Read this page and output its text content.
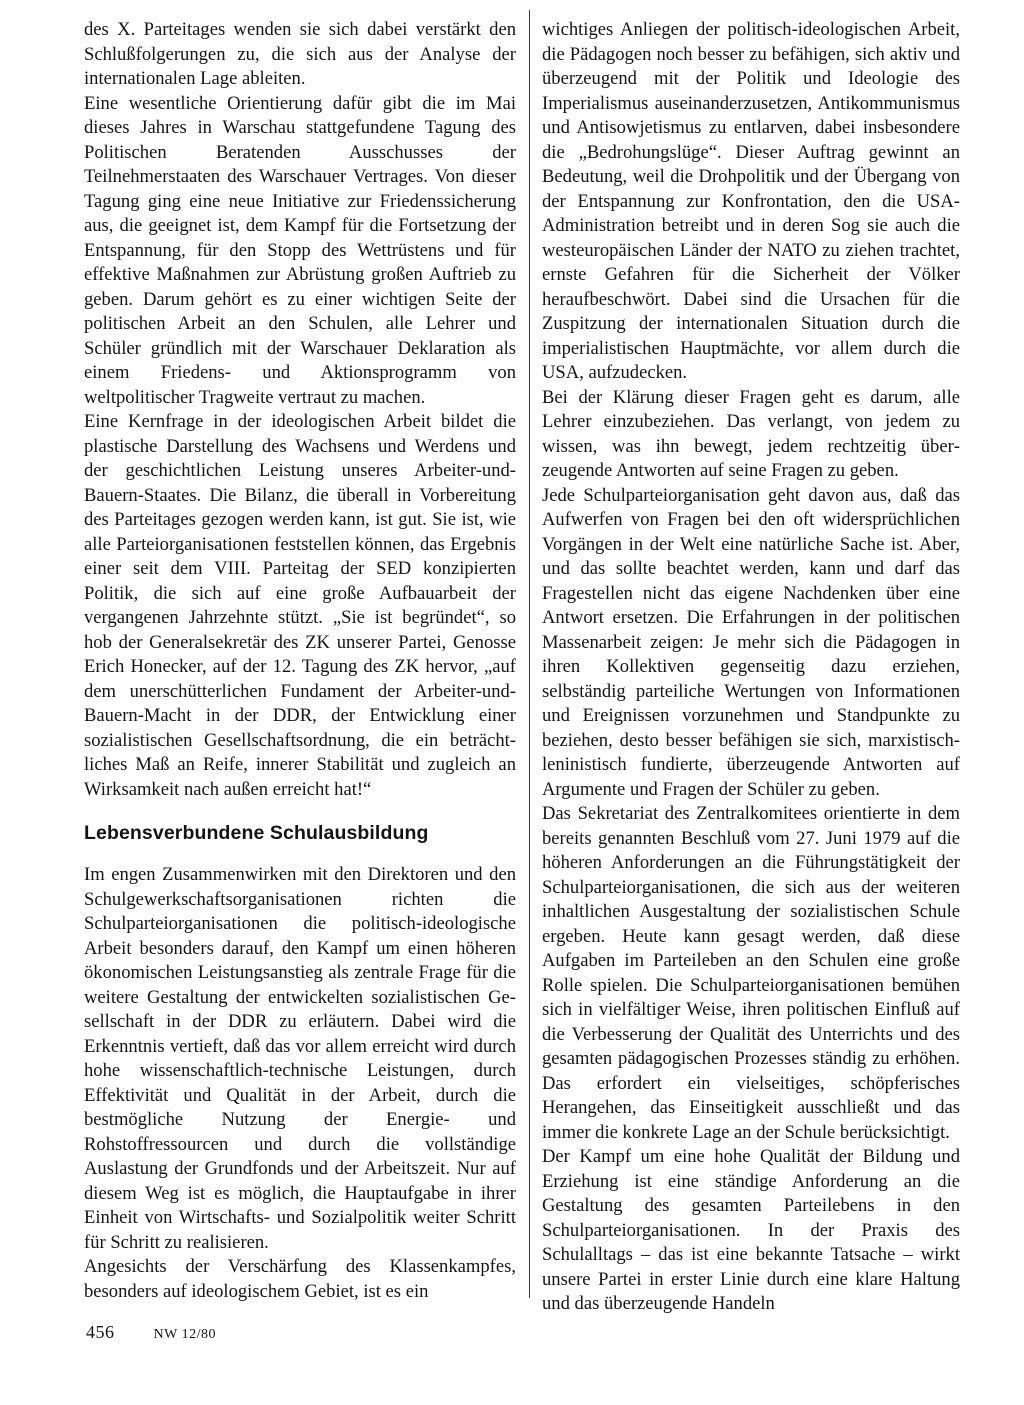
des X. Parteitages wenden sie sich dabei verstärkt den Schlußfolgerungen zu, die sich aus der Analyse der internationalen Lage ableiten.

Eine wesentliche Orientierung dafür gibt die im Mai dieses Jahres in Warschau stattgefundene Tagung des Politischen Beratenden Ausschusses der Teilnehmerstaaten des Warschauer Vertrages. Von dieser Tagung ging eine neue Initiative zur Friedenssicherung aus, die geeignet ist, dem Kampf für die Fortsetzung der Entspannung, für den Stopp des Wettrüstens und für effektive Maßnahmen zur Abrüstung großen Auftrieb zu geben. Darum gehört es zu einer wichtigen Seite der politischen Arbeit an den Schulen, alle Lehrer und Schüler gründlich mit der Warschauer Deklaration als einem Friedens- und Aktionsprogramm von weltpolitischer Tragweite vertraut zu machen.

Eine Kernfrage in der ideologischen Arbeit bildet die plastische Darstellung des Wachsens und Werdens und der geschichtlichen Leistung unseres Arbeiter-und-Bauern-Staates. Die Bilanz, die überall in Vorbereitung des Parteitages gezogen werden kann, ist gut. Sie ist, wie alle Parteiorganisationen feststellen können, das Ergebnis einer seit dem VIII. Parteitag der SED konzipierten Politik, die sich auf eine große Aufbauarbeit der vergangenen Jahrzehnte stützt. „Sie ist begründet“, so hob der Generalsekretär des ZK unserer Partei, Genosse Erich Honecker, auf der 12. Tagung des ZK hervor, „auf dem unerschütterlichen Fundament der Arbeiter-und-Bauern-Macht in der DDR, der Entwicklung einer sozialistischen Gesellschaftsordnung, die ein beträchtliches Maß an Reife, innerer Stabilität und zugleich an Wirksamkeit nach außen erreicht hat!“

Lebensverbundene Schulausbildung

Im engen Zusammenwirken mit den Direktoren und den Schulgewerkschaftsorganisationen richten die Schulparteiorganisationen die politisch-ideologische Arbeit besonders darauf, den Kampf um einen höheren ökonomischen Leistungsanstieg als zentrale Frage für die weitere Gestaltung der entwickelten sozialistischen Gesellschaft in der DDR zu erläutern. Dabei wird die Erkenntnis vertieft, daß das vor allem erreicht wird durch hohe wissenschaftlich-technische Leistungen, durch Effektivität und Qualität in der Arbeit, durch die bestmögliche Nutzung der Energie- und Rohstoffressourcen und durch die vollständige Auslastung der Grundfonds und der Arbeitszeit. Nur auf diesem Weg ist es möglich, die Hauptaufgabe in ihrer Einheit von Wirtschafts- und Sozialpolitik weiter Schritt für Schritt zu realisieren.

Angesichts der Verschärfung des Klassenkampfes, besonders auf ideologischem Gebiet, ist es ein

wichtiges Anliegen der politisch-ideologischen Arbeit, die Pädagogen noch besser zu befähigen, sich aktiv und überzeugend mit der Politik und Ideologie des Imperialismus auseinanderzusetzen, Antikommunismus und Antisowjetismus zu entlarven, dabei insbesondere die „Bedrohungslüge“. Dieser Auftrag gewinnt an Bedeutung, weil die Drohpolitik und der Übergang von der Entspannung zur Konfrontation, den die USA-Administration betreibt und in deren Sog sie auch die westeuropäischen Länder der NATO zu ziehen trachtet, ernste Gefahren für die Sicherheit der Völker heraufbeschwört. Dabei sind die Ursachen für die Zuspitzung der internationalen Situation durch die imperialistischen Hauptmächte, vor allem durch die USA, aufzudecken.

Bei der Klärung dieser Fragen geht es darum, alle Lehrer einzubeziehen. Das verlangt, von jedem zu wissen, was ihn bewegt, jedem rechtzeitig überzeugende Antworten auf seine Fragen zu geben.

Jede Schulparteiorganisation geht davon aus, daß das Aufwerfen von Fragen bei den oft widersprüchlichen Vorgängen in der Welt eine natürliche Sache ist. Aber, und das sollte beachtet werden, kann und darf das Fragestellen nicht das eigene Nachdenken über eine Antwort ersetzen. Die Erfahrungen in der politischen Massenarbeit zeigen: Je mehr sich die Pädagogen in ihren Kollektiven gegenseitig dazu erziehen, selbständig parteiliche Wertungen von Informationen und Ereignissen vorzunehmen und Standpunkte zu beziehen, desto besser befähigen sie sich, marxistisch-leninistisch fundierte, überzeugende Antworten auf Argumente und Fragen der Schüler zu geben.

Das Sekretariat des Zentralkomitees orientierte in dem bereits genannten Beschluß vom 27. Juni 1979 auf die höheren Anforderungen an die Führungstätigkeit der Schulparteiorganisationen, die sich aus der weiteren inhaltlichen Ausgestaltung der sozialistischen Schule ergeben. Heute kann gesagt werden, daß diese Aufgaben im Parteileben an den Schulen eine große Rolle spielen. Die Schulparteiorganisationen bemühen sich in vielfältiger Weise, ihren politischen Einfluß auf die Verbesserung der Qualität des Unterrichts und des gesamten pädagogischen Prozesses ständig zu erhöhen. Das erfordert ein vielseitiges, schöpferisches Herangehen, das Einseitigkeit ausschließt und das immer die konkrete Lage an der Schule berücksichtigt.

Der Kampf um eine hohe Qualität der Bildung und Erziehung ist eine ständige Anforderung an die Gestaltung des gesamten Parteilebens in den Schulparteiorganisationen. In der Praxis des Schulalltags – das ist eine bekannte Tatsache – wirkt unsere Partei in erster Linie durch eine klare Haltung und das überzeugende Handeln

456	NW 12/80
